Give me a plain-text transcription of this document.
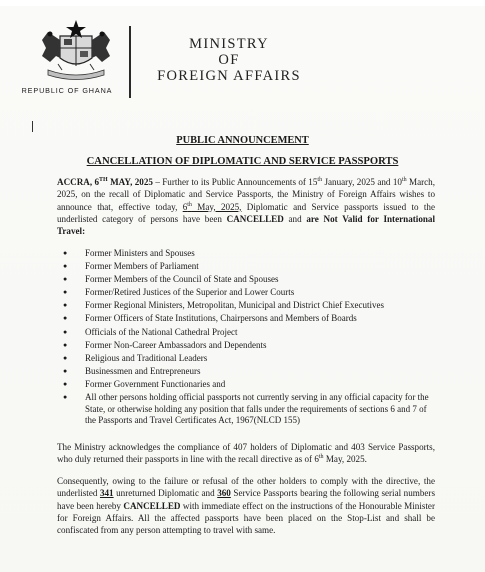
REPUBLIC OF GHANA
MINISTRY
OF
FOREIGN AFFAIRS
PUBLIC ANNOUNCEMENT
CANCELLATION OF DIPLOMATIC AND SERVICE PASSPORTS
ACCRA, 6TH MAY, 2025 – Further to its Public Announcements of 15th January, 2025 and 10th March, 2025, on the recall of Diplomatic and Service Passports, the Ministry of Foreign Affairs wishes to announce that, effective today, 6th May, 2025, Diplomatic and Service passports issued to the underlisted category of persons have been CANCELLED and are Not Valid for International Travel:
● Former Ministers and Spouses
● Former Members of Parliament
● Former Members of the Council of State and Spouses
● Former/Retired Justices of the Superior and Lower Courts
● Former Regional Ministers, Metropolitan, Municipal and District Chief Executives
● Former Officers of State Institutions, Chairpersons and Members of Boards
● Officials of the National Cathedral Project
● Former Non-Career Ambassadors and Dependents
● Religious and Traditional Leaders
● Businessmen and Entrepreneurs
● Former Government Functionaries and
● All other persons holding official passports not currently serving in any official capacity for the State, or otherwise holding any position that falls under the requirements of sections 6 and 7 of the Passports and Travel Certificates Act, 1967(NLCD 155)
The Ministry acknowledges the compliance of 407 holders of Diplomatic and 403 Service Passports, who duly returned their passports in line with the recall directive as of 6th May, 2025.
Consequently, owing to the failure or refusal of the other holders to comply with the directive, the underlisted 341 unreturned Diplomatic and 360 Service Passports bearing the following serial numbers have been hereby CANCELLED with immediate effect on the instructions of the Honourable Minister for Foreign Affairs. All the affected passports have been placed on the Stop-List and shall be confiscated from any person attempting to travel with same.
